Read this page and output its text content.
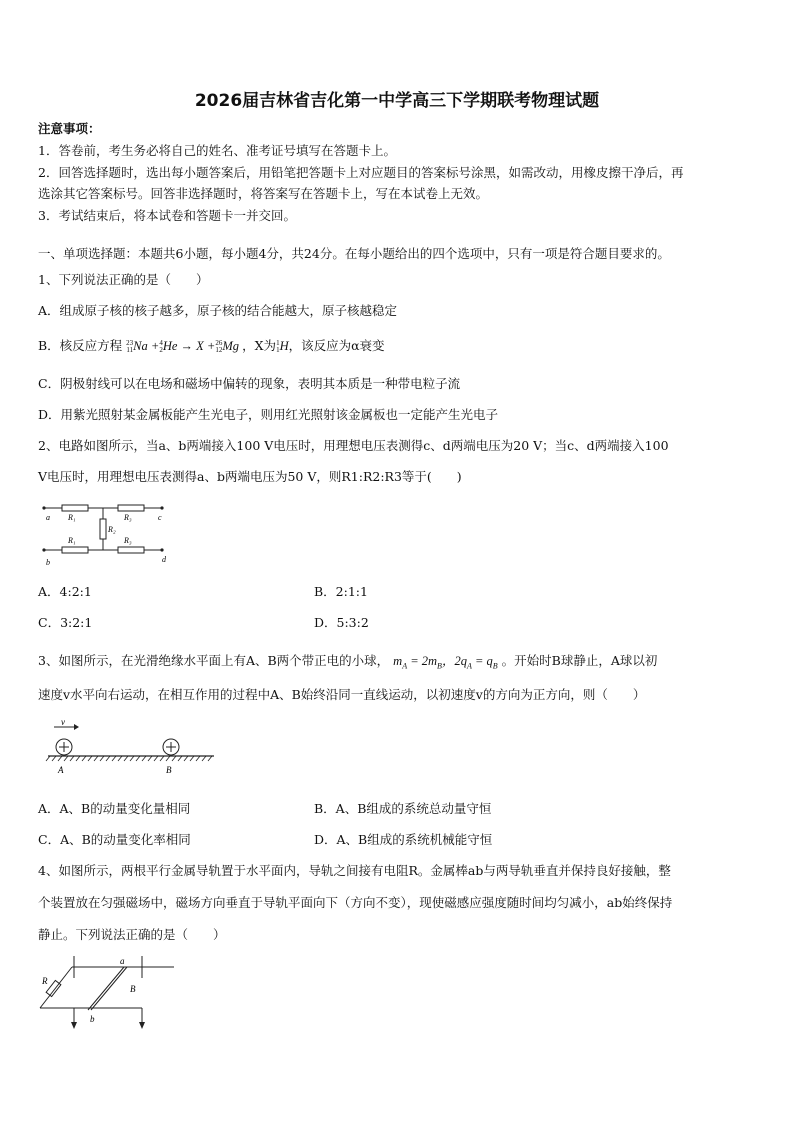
2026届吉林省吉化第一中学高三下学期联考物理试题
注意事项：
1．答卷前，考生务必将自己的姓名、准考证号填写在答题卡上。
2．回答选择题时，选出每小题答案后，用铅笔把答题卡上对应题目的答案标号涂黑，如需改动，用橡皮擦干净后，再
选涂其它答案标号。回答非选择题时，将答案写在答题卡上，写在本试卷上无效。
3．考试结束后，将本试卷和答题卡一并交回。
一、单项选择题：本题共6小题，每小题4分，共24分。在每小题给出的四个选项中，只有一项是符合题目要求的。
1、下列说法正确的是（　　）
A．组成原子核的核子越多，原子核的结合能越大，原子核越稳定
B．核反应方程 23
11Na +4
2He → X +26
12Mg ，X为1
1H，该反应为α衰变
C．阴极射线可以在电场和磁场中偏转的现象，表明其本质是一种带电粒子流
D．用紫光照射某金属板能产生光电子，则用红光照射该金属板也一定能产生光电子
2、电路如图所示，当a、b两端接入100 V电压时，用理想电压表测得c、d两端电压为20 V；当c、d两端接入100
V电压时，用理想电压表测得a、b两端电压为50 V，则R1:R2:R3等于(　　)
a R₁	R₃	c
R₂
R₁	R₃
b	d
A．4:2:1	B．2:1:1
C．3:2:1	D．5:3:2
3、如图所示，在光滑绝缘水平面上有A、B两个带正电的小球， $m_A = 2m_B$，$2q_A = q_B$ 。开始时B球静止，A球以初
速度v水平向右运动，在相互作用的过程中A、B始终沿同一直线运动，以初速度v的方向为正方向，则（　　）
v
A	B
A．A、B的动量变化量相同	B．A、B组成的系统总动量守恒
C．A、B的动量变化率相同	D．A、B组成的系统机械能守恒
4、如图所示，两根平行金属导轨置于水平面内，导轨之间接有电阻R。金属棒ab与两导轨垂直并保持良好接触，整
个装置放在匀强磁场中，磁场方向垂直于导轨平面向下（方向不变），现使磁感应强度随时间均匀减小，ab始终保持
静止。下列说法正确的是（　　）
R
a
b
B
